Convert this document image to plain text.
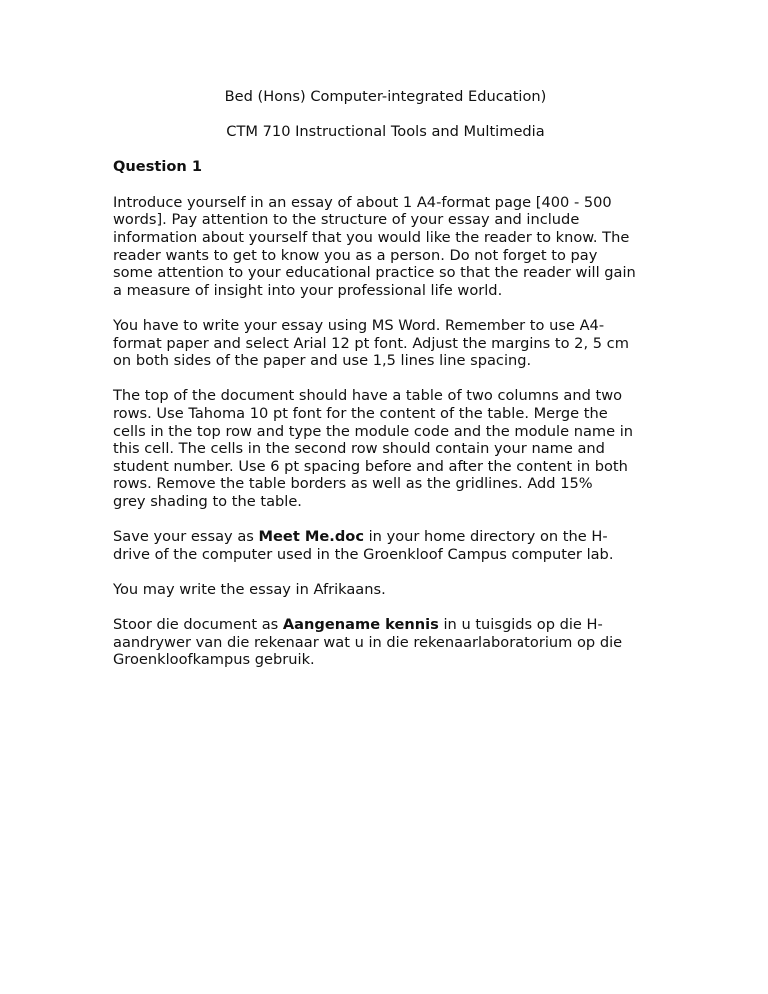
Bed (Hons) Computer-integrated Education)

CTM 710 Instructional Tools and Multimedia

Question 1

Introduce yourself in an essay of about 1 A4-format page [400 - 500
words]. Pay attention to the structure of your essay and include
information about yourself that you would like the reader to know. The
reader wants to get to know you as a person. Do not forget to pay
some attention to your educational practice so that the reader will gain
a measure of insight into your professional life world.

You have to write your essay using MS Word. Remember to use A4-
format paper and select Arial 12 pt font. Adjust the margins to 2, 5 cm
on both sides of the paper and use 1,5 lines line spacing.

The top of the document should have a table of two columns and two
rows. Use Tahoma 10 pt font for the content of the table. Merge the
cells in the top row and type the module code and the module name in
this cell. The cells in the second row should contain your name and
student number. Use 6 pt spacing before and after the content in both
rows. Remove the table borders as well as the gridlines. Add 15%
grey shading to the table.

Save your essay as Meet Me.doc in your home directory on the H-
drive of the computer used in the Groenkloof Campus computer lab.

You may write the essay in Afrikaans.

Stoor die document as Aangename kennis in u tuisgids op die H-
aandrywer van die rekenaar wat u in die rekenaarlaboratorium op die
Groenkloofkampus gebruik.
